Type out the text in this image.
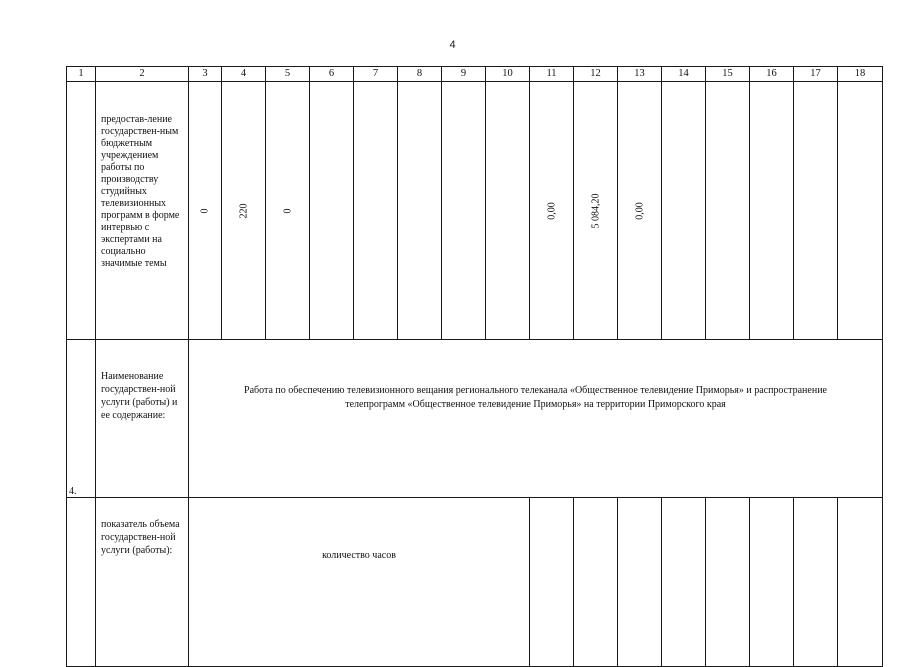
4
1	2	3	4	5	6	7	8	9	10	11	12	13	14	15	16	17	18

	предостав-ление государствен-ным бюджетным учреждением работы по производству студийных телевизионных программ в форме интервью с экспертами на социально значимые темы	0	220	0						0,00	5 084,20	0,00					

4.	Наименование государствен-ной услуги (работы) и ее содержание:	Работа по обеспечению телевизионного вещания регионального телеканала «Общественное телевидение Приморья» и распространение телепрограмм «Общественное телевидение Приморья» на территории Приморского края															

	показатель объема государствен-ной услуги (работы):	количество часов															
